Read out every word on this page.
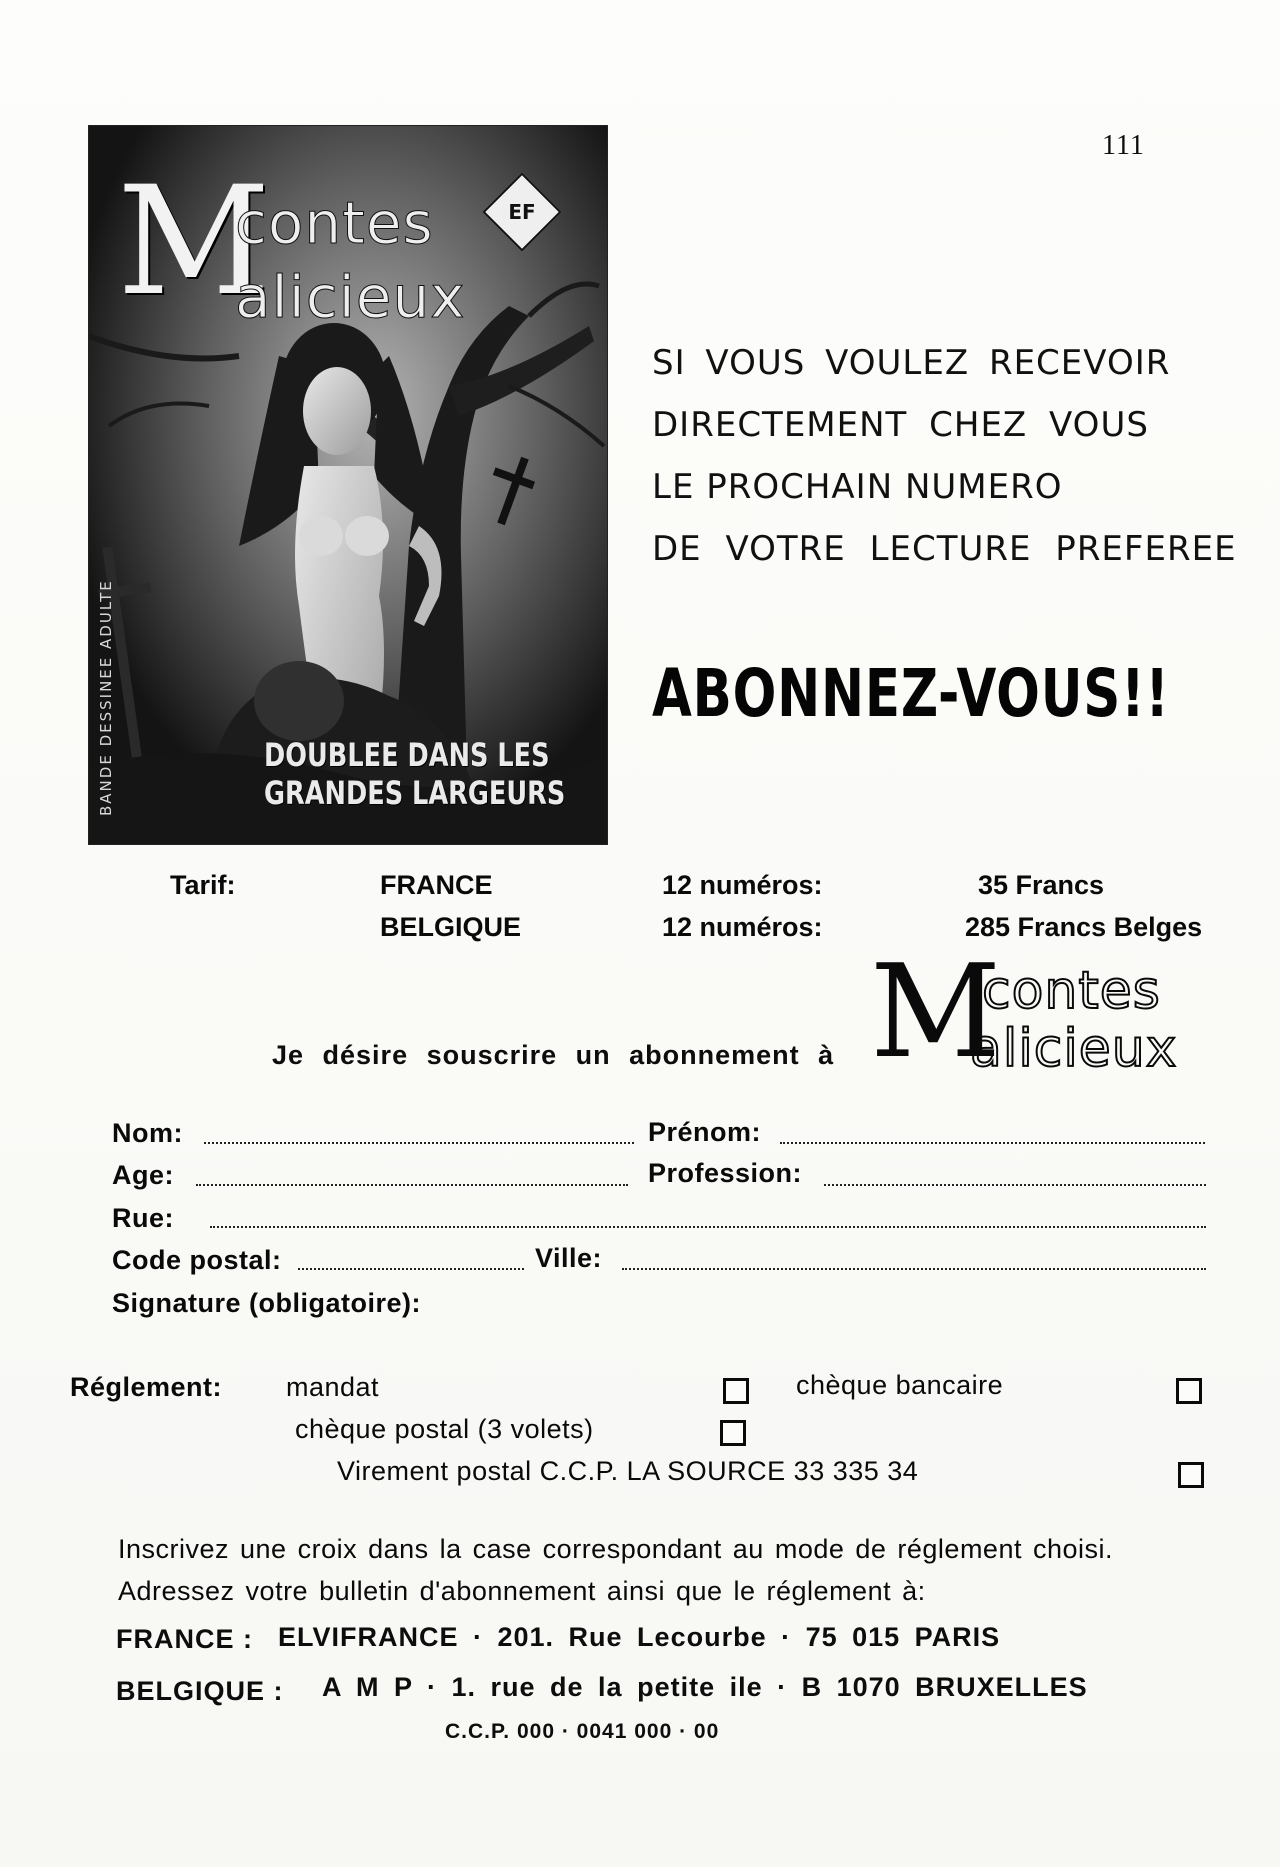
111
M
contes
alicieux
EF
BANDE DESSINEE ADULTE	DOUBLEE DANS LES
GRANDES LARGEURS
SI VOUS VOULEZ RECEVOIR
DIRECTEMENT CHEZ VOUS
LE PROCHAIN NUMERO
DE VOTRE LECTURE PREFEREE
ABONNEZ-VOUS!!
Tarif:	FRANCE	12 numéros:	35 Francs
BELGIQUE	12 numéros:	285 Francs Belges
Je désire souscrire un abonnement à M
contes
alicieux
Nom:	Prénom:
Age:	Profession:
Rue:
Code postal:	Ville:
Signature (obligatoire):
Réglement: mandat	chèque bancaire
chèque postal (3 volets)
Virement postal C.C.P. LA SOURCE 33 335 34
Inscrivez une croix dans la case correspondant au mode de réglement choisi.
Adressez votre bulletin d'abonnement ainsi que le réglement à:
FRANCE : ELVIFRANCE · 201. Rue Lecourbe · 75 015 PARIS
BELGIQUE : A M P · 1. rue de la petite ile · B 1070 BRUXELLES
C.C.P. 000 · 0041 000 · 00
